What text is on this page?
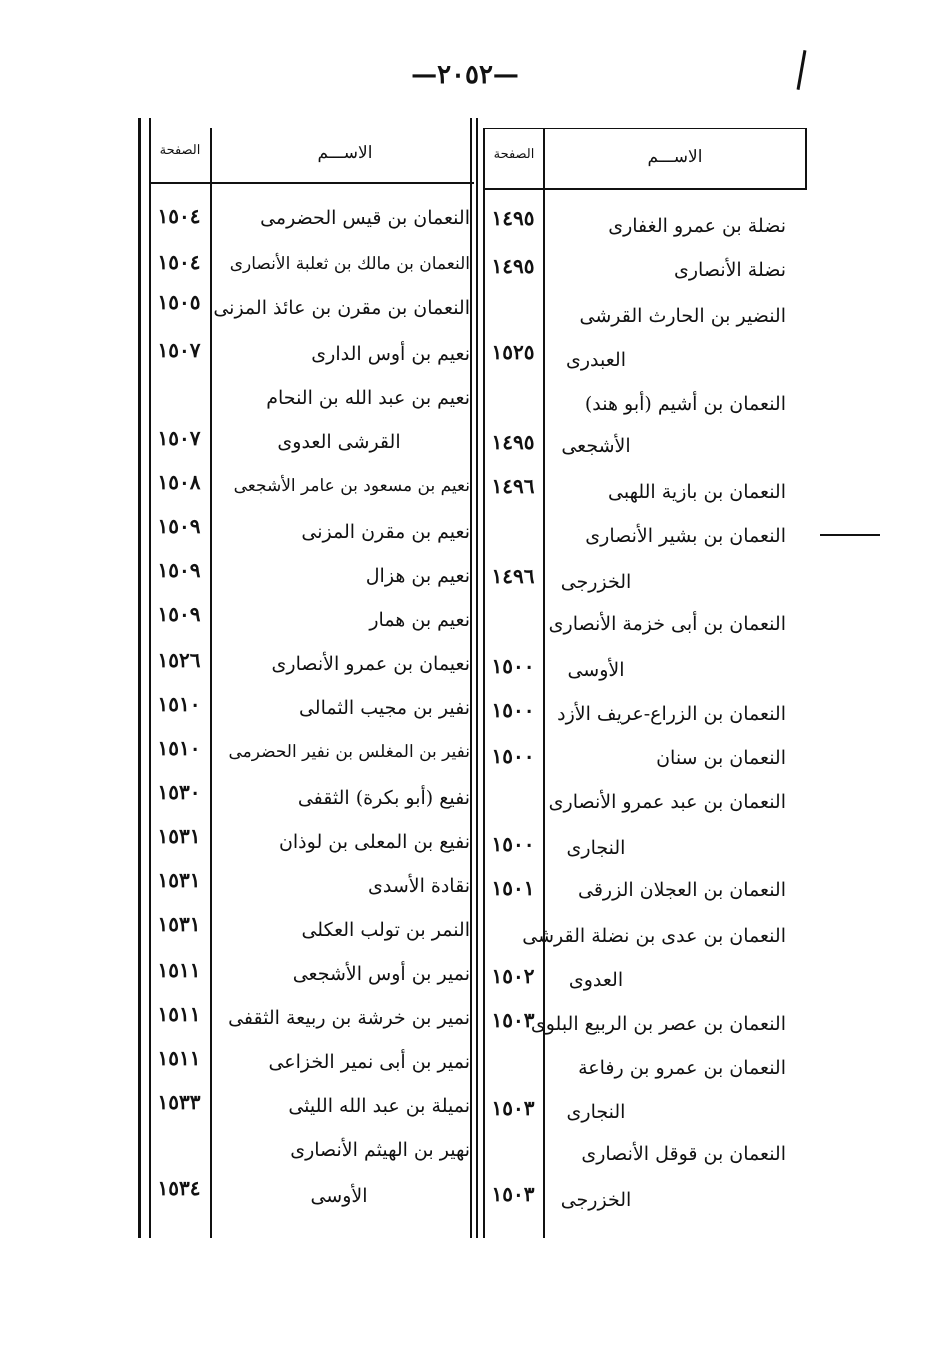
—٢٠٥٢—
الاســـم
الصفحة
الاســـم
الصفحة
نضلة بن عمرو الغفارى
١٤٩٥
نضلة الأنصارى
١٤٩٥
النضير بن الحارث القرشى
العبدرى
١٥٢٥
النعمان بن أشيم (أبو هند)
الأشجعى
١٤٩٥
النعمان بن بازية اللهبى
١٤٩٦
النعمان بن بشير الأنصارى
الخزرجى
١٤٩٦
النعمان بن أبى خزمة الأنصارى
الأوسى
١٥٠٠
النعمان بن الزراع-عريف الأزد
١٥٠٠
النعمان بن سنان
١٥٠٠
النعمان بن عبد عمرو الأنصارى
النجارى
١٥٠٠
النعمان بن العجلان الزرقى
١٥٠١
النعمان بن عدى بن نضلة القرشى
العدوى
١٥٠٢
النعمان بن عصر بن الربيع البلوى
١٥٠٣
النعمان بن عمرو بن رفاعة
النجارى
١٥٠٣
النعمان بن قوقل الأنصارى
الخزرجى
١٥٠٣
النعمان بن قيس الحضرمى
١٥٠٤
النعمان بن مالك بن ثعلبة الأنصارى
١٥٠٤
النعمان بن مقرن بن عائذ المزنى
١٥٠٥
نعيم بن أوس الدارى
١٥٠٧
نعيم بن عبد الله بن النحام
القرشى العدوى
١٥٠٧
نعيم بن مسعود بن عامر الأشجعى
١٥٠٨
نعيم بن مقرن المزنى
١٥٠٩
نعيم بن هزال
١٥٠٩
نعيم بن همار
١٥٠٩
نعيمان بن عمرو الأنصارى
١٥٢٦
نفير بن مجيب الثمالى
١٥١٠
نفير بن المغلس بن نفير الحضرمى
١٥١٠
نفيع (أبو بكرة) الثقفى
١٥٣٠
نفيع بن المعلى بن لوذان
١٥٣١
نقادة الأسدى
١٥٣١
النمر بن تولب العكلى
١٥٣١
نمير بن أوس الأشجعى
١٥١١
نمير بن خرشة بن ربيعة الثقفى
١٥١١
نمير بن أبى نمير الخزاعى
١٥١١
نميلة بن عبد الله الليثى
١٥٣٣
نهير بن الهيثم الأنصارى
الأوسى
١٥٣٤
